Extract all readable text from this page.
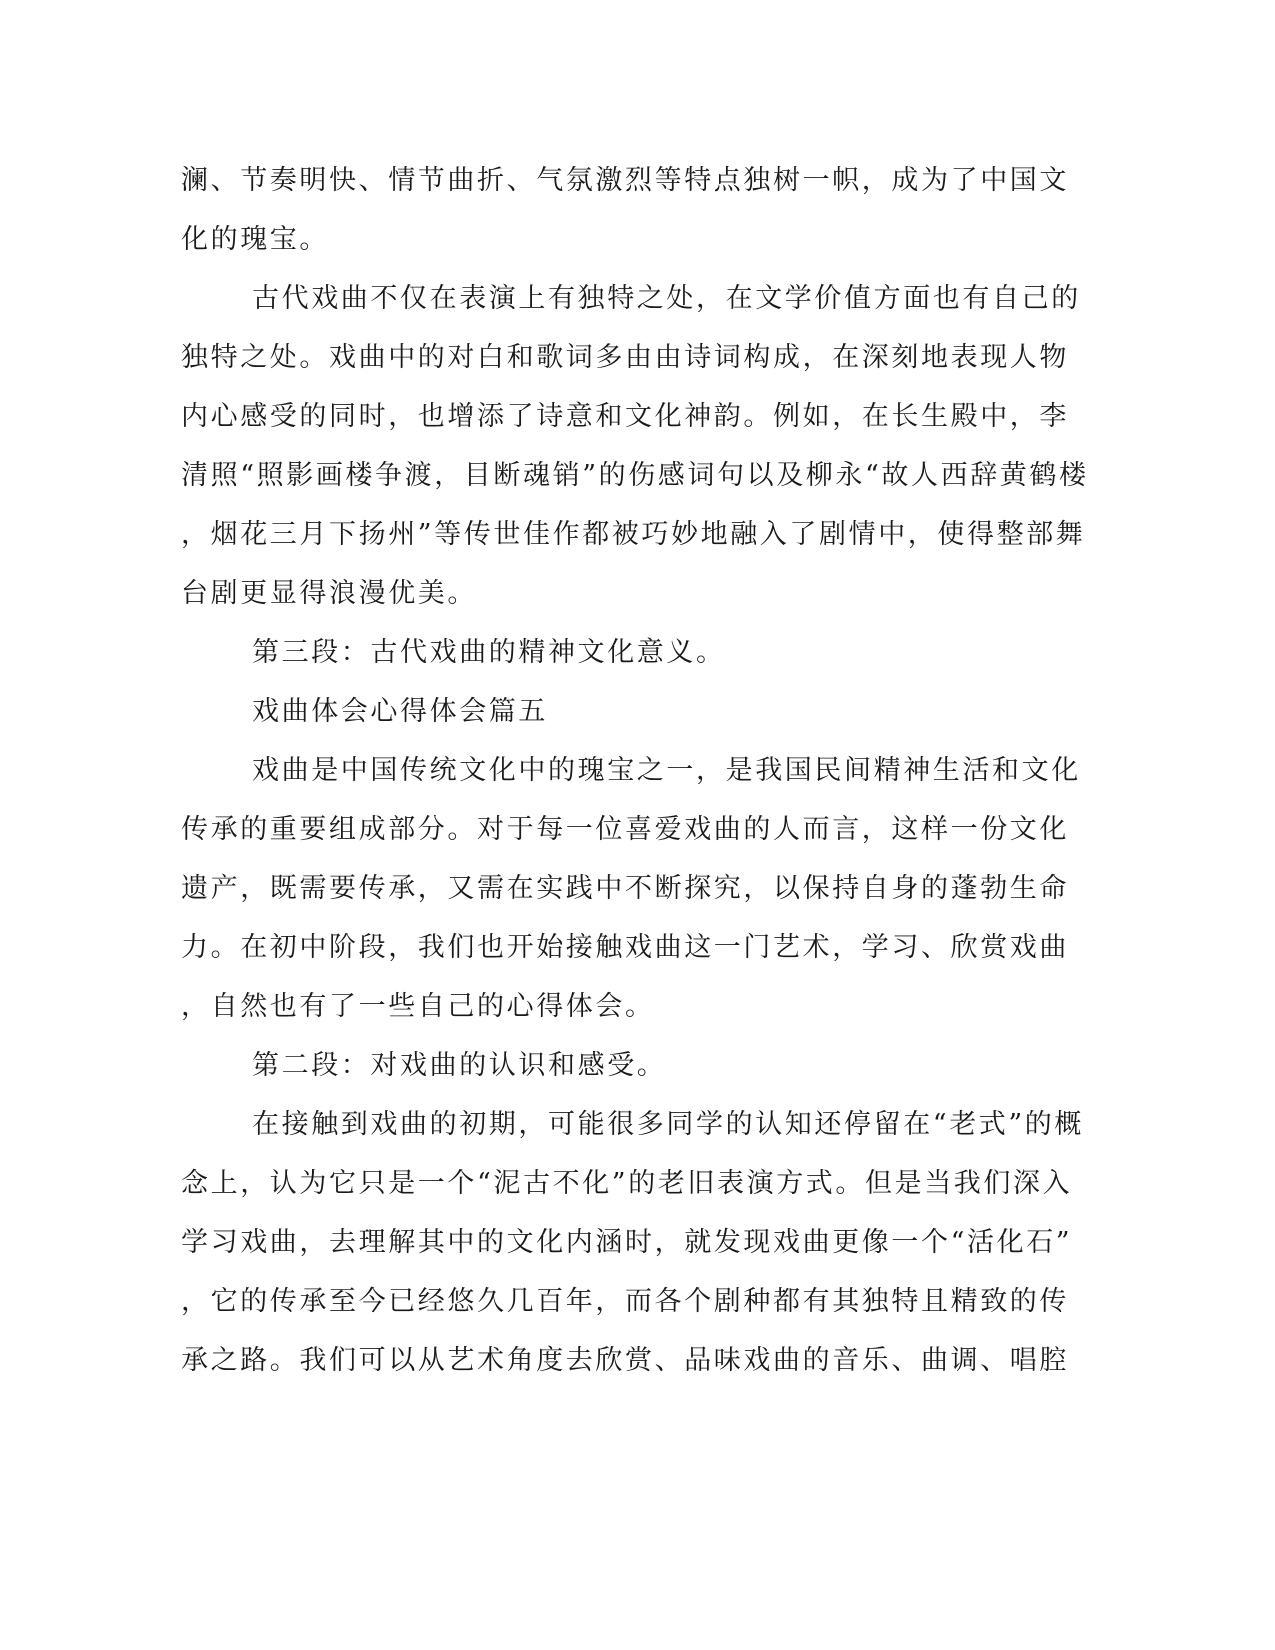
澜、节奏明快、情节曲折、气氛激烈等特点独树一帜，成为了中国文
化的瑰宝。
古代戏曲不仅在表演上有独特之处，在文学价值方面也有自己的
独特之处。戏曲中的对白和歌词多由由诗词构成，在深刻地表现人物
内心感受的同时，也增添了诗意和文化神韵。例如，在长生殿中，李
清照“照影画楼争渡，目断魂销”的伤感词句以及柳永“故人西辞黄鹤楼
，烟花三月下扬州”等传世佳作都被巧妙地融入了剧情中，使得整部舞
台剧更显得浪漫优美。
第三段：古代戏曲的精神文化意义。
戏曲体会心得体会篇五
戏曲是中国传统文化中的瑰宝之一，是我国民间精神生活和文化
传承的重要组成部分。对于每一位喜爱戏曲的人而言，这样一份文化
遗产，既需要传承，又需在实践中不断探究，以保持自身的蓬勃生命
力。在初中阶段，我们也开始接触戏曲这一门艺术，学习、欣赏戏曲
，自然也有了一些自己的心得体会。
第二段：对戏曲的认识和感受。
在接触到戏曲的初期，可能很多同学的认知还停留在“老式”的概
念上，认为它只是一个“泥古不化”的老旧表演方式。但是当我们深入
学习戏曲，去理解其中的文化内涵时，就发现戏曲更像一个“活化石”
，它的传承至今已经悠久几百年，而各个剧种都有其独特且精致的传
承之路。我们可以从艺术角度去欣赏、品味戏曲的音乐、曲调、唱腔
